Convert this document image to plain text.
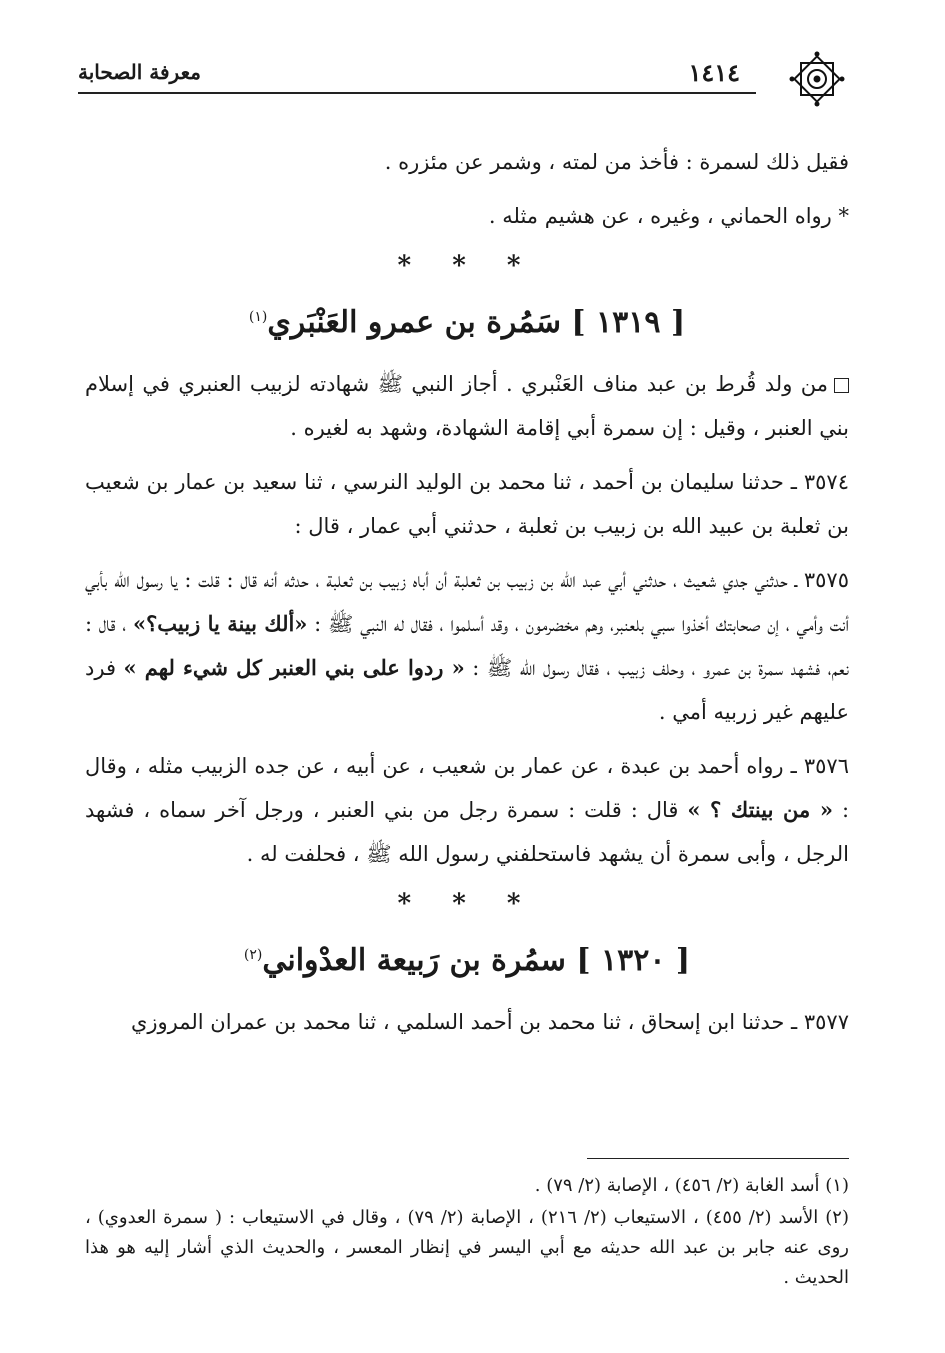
معرفة الصحابة	١٤١٤

فقيل ذلك لسمرة : فأخذ من لمته ، وشمر عن مئزره .

* رواه الحماني ، وغيره ، عن هشيم مثله .

* * *
[ ١٣١٩ ] سَمُرة بن عمرو العَنْبَري$^{(١)}$

من ولد قُرط بن عبد مناف العَنْبري . أجاز النبي ﷺ شهادته لزبيب العنبري في إسلام بني العنبر ، وقيل : إن سمرة أبي إقامة الشهادة، وشهد به لغيره .

٣٥٧٤ ـ حدثنا سليمان بن أحمد ، ثنا محمد بن الوليد النرسي ، ثنا سعيد بن عمار بن شعيب بن ثعلبة بن عبيد الله بن زبيب بن ثعلبة ، حدثني أبي عمار ، قال :

٣٥٧٥ ـ حدثني جدي شعيث ، حدثني أبي عبد الله بن زبيب بن ثعلبة أن أباه زبيب بن ثعلبة ، حدثه أنه قال : قلت : يا رسول الله بأبي أنت وأمي ، إن صحابتك أخذوا سبي بلعنبر، وهم مخضرمون ، وقد أسلموا ، فقال له النبي ﷺ : «ألك بينة يا زبيب؟» ، قال : نعم، فشهد سمرة بن عمرو ، وحلف زبيب ، فقال رسول الله ﷺ : « ردوا على بني العنبر كل شيء لهم » فرد عليهم غير زربيه أمي .

٣٥٧٦ ـ رواه أحمد بن عبدة ، عن عمار بن شعيب ، عن أبيه ، عن جده الزبيب مثله ، وقال : « من بينتك ؟ » قال : قلت : سمرة رجل من بني العنبر ، ورجل آخر سماه ، فشهد الرجل ، وأبى سمرة أن يشهد فاستحلفني رسول الله ﷺ ، فحلفت له .

* * *
[ ١٣٢٠ ] سمُرة بن رَبيعة العدْواني$^{(٢)}$

٣٥٧٧ ـ حدثنا ابن إسحاق ، ثنا محمد بن أحمد السلمي ، ثنا محمد بن عمران المروزي

(١) أسد الغابة (٢/ ٤٥٦) ، الإصابة (٢/ ٧٩) .

(٢) الأسد (٢/ ٤٥٥) ، الاستيعاب (٢/ ٢١٦) ، الإصابة (٢/ ٧٩) ، وقال في الاستيعاب : ( سمرة العدوي) ، روى عنه جابر بن عبد الله حديثه مع أبي اليسر في إنظار المعسر ، والحديث الذي أشار إليه هو هذا الحديث .
